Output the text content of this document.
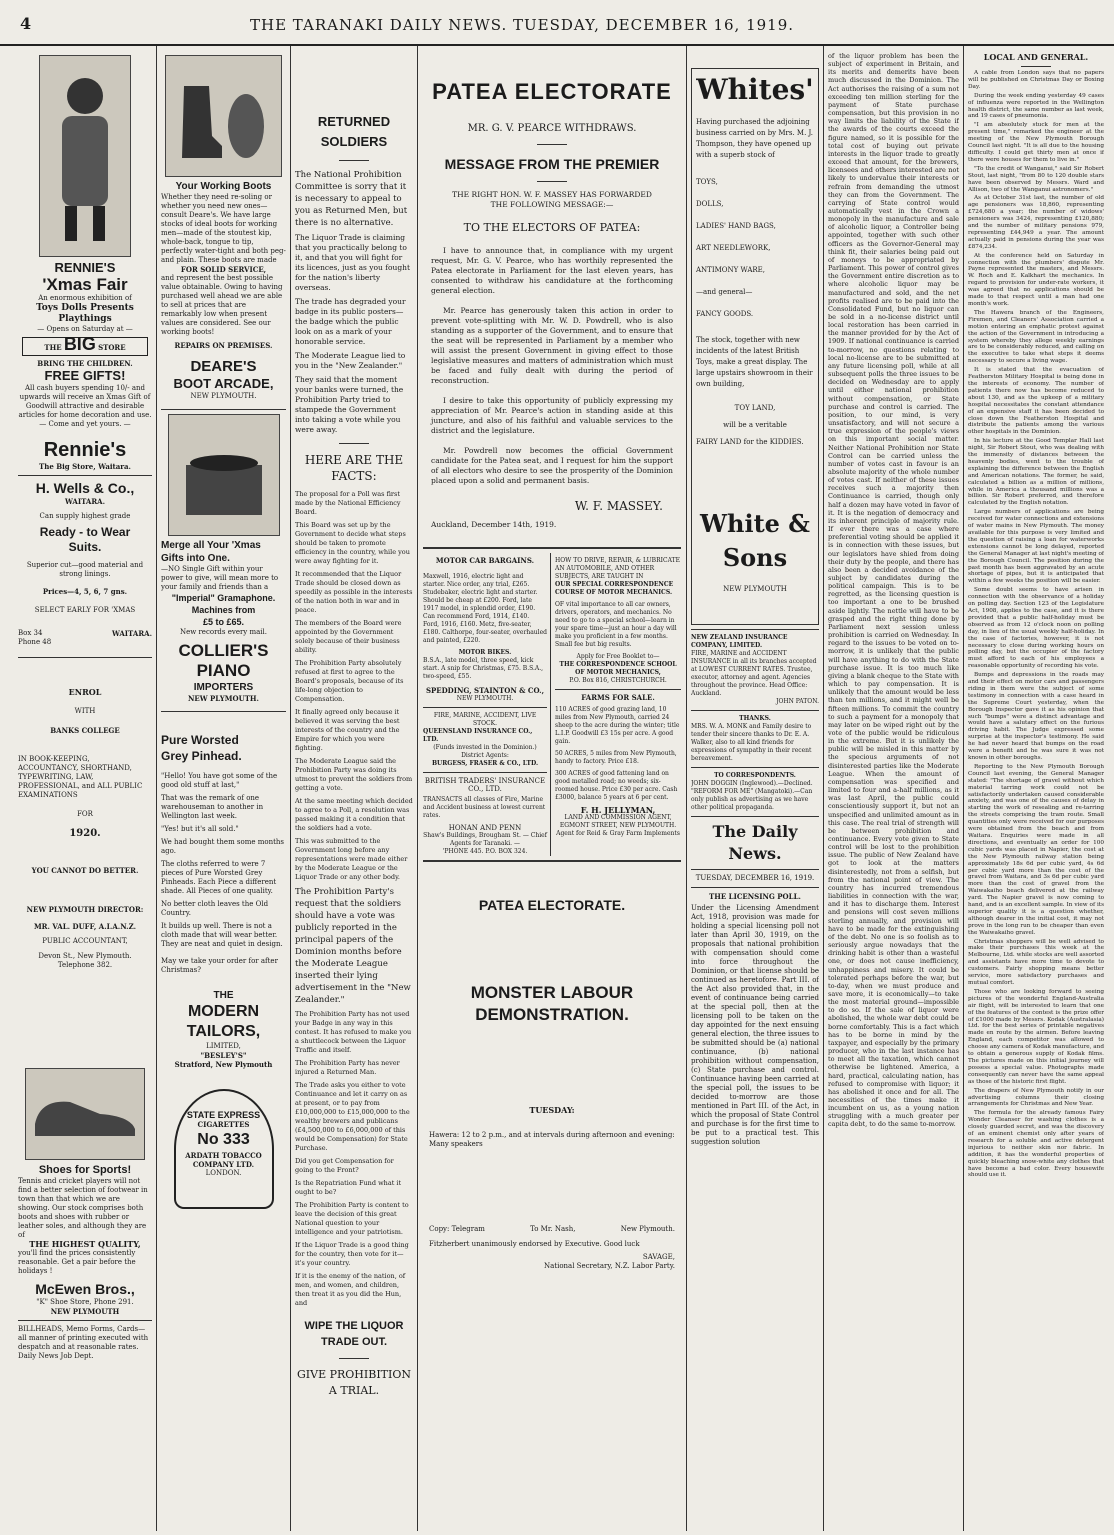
4	THE TARANAKI DAILY NEWS. TUESDAY, DECEMBER 16, 1919.
RENNIE'S
'Xmas Fair
An enormous exhibition of
Toys Dolls Presents
Playthings
— Opens on Saturday at —
THE BIG STORE
BRING THE CHILDREN.
FREE GIFTS!
All cash buyers spending 10/- and upwards will receive an Xmas Gift of Goodwill attractive and desirable articles for home decoration and use. — Come and yet yours. —
Rennie's
The Big Store, Waitara.
H. Wells & Co.,
WAITARA.
Can supply highest grade
Ready - to Wear
Suits.
Superior cut—good material and strong linings.
Prices—4, 5, 6, 7 gns.
SELECT EARLY FOR 'XMAS
Box 34
Phone 48
WAITARA.
ENROL
WITH
BANKS COLLEGE
IN BOOK-KEEPING, ACCOUNTANCY, SHORTHAND, TYPEWRITING, LAW, PROFESSIONAL, and ALL PUBLIC EXAMINATIONS
FOR
1920.
YOU CANNOT DO BETTER.
NEW PLYMOUTH DIRECTOR:
MR. VAL. DUFF, A.I.A.N.Z.
PUBLIC ACCOUNTANT,
Devon St., New Plymouth.
Telephone 382.
Shoes for Sports!
Tennis and cricket players will not find a better selection of footwear in town than that which we are showing. Our stock comprises both boots and shoes with rubber or leather soles, and although they are of
THE HIGHEST QUALITY,
you'll find the prices consistently reasonable. Get a pair before the holidays !
McEwen Bros.,
"K" Shoe Store, Phone 291.
NEW PLYMOUTH
BILLHEADS, Memo Forms, Cards—all manner of printing executed with despatch and at reasonable rates. Daily News Job Dept.
Your Working Boots
Whether they need re-soling or whether you need new ones—consult Deare's. We have large stocks of ideal boots for working men—made of the stoutest kip, whole-back, tongue to tip, perfectly water-tight and both peg- and plain. These boots are made
FOR SOLID SERVICE,
and represent the best possible value obtainable. Owing to having purchased well ahead we are able to sell at prices that are remarkably low when present values are considered. See our working boots!
REPAIRS ON PREMISES.
DEARE'S
BOOT ARCADE,
NEW PLYMOUTH.
Merge all Your 'Xmas Gifts into One.
—NO Single Gift within your power to give, will mean more to your family and friends than a
"Imperial" Gramaphone.
Machines from
£5 to £65.
New records every mail.
COLLIER'S
PIANO
IMPORTERS
NEW PLYMOUTH.
Pure Worsted
Grey Pinhead.

"Hello! You have got some of the good old stuff at last,"

That was the remark of one warehouseman to another in Wellington last week.

"Yes! but it's all sold."

We had bought them some months ago.

The cloths referred to were 7 pieces of Pure Worsted Grey Pinheads. Each Piece a different shade. All Pieces of one quality.

No better cloth leaves the Old Country.

It builds up well. There is not a cloth made that will wear better. They are neat and quiet in design.

May we take your order for after Christmas?

THE
MODERN
TAILORS,
LIMITED,
"BESLEY'S"
Stratford, New Plymouth
STATE EXPRESS
CIGARETTES
No 333
ARDATH TOBACCO
COMPANY LTD.
LONDON.
RETURNED
SOLDIERS

The National Prohibition Committee is sorry that it is necessary to appeal to you as Returned Men, but there is no alternative.

The Liquor Trade is claiming that you practically belong to it, and that you will fight for its licences, just as you fought for the nation's liberty overseas.

The trade has degraded your badge in its public posters—the badge which the public look on as a mark of your honorable service.

The Moderate League lied to you in the "New Zealander."

They said that the moment your banks were turned, the Prohibition Party tried to stampede the Government into taking a vote while you were away.

HERE ARE THE
FACTS:

The proposal for a Poll was first made by the National Efficiency Board.

This Board was set up by the Government to decide what steps should be taken to promote efficiency in the country, while you were away fighting for it.

It recommended that the Liquor Trade should be closed down as speedily as possible in the interests of the nation both in war and in peace.

The members of the Board were appointed by the Government solely because of their business ability.

The Prohibition Party absolutely refused at first to agree to the Board's proposals, because of its life-long objection to Compensation.

It finally agreed only because it believed it was serving the best interests of the country and the Empire for which you were fighting.

The Moderate League said the Prohibition Party was doing its utmost to prevent the soldiers from getting a vote.

At the same meeting which decided to agree to a Poll, a resolution was passed making it a condition that the soldiers had a vote.

This was submitted to the Government long before any representations were made either by the Moderate League or the Liquor Trade or any other body.

The Prohibition Party's request that the soldiers should have a vote was publicly reported in the principal papers of the Dominion months before the Moderate League inserted their lying advertisement in the "New Zealander."

The Prohibition Party has not used your Badge in any way in this contest. It has refused to make you a shuttlecock between the Liquor Traffic and itself.

The Prohibition Party has never injured a Returned Man.

The Trade asks you either to vote Continuance and let it carry on as at present, or to pay from £10,000,000 to £15,000,000 to the wealthy brewers and publicans (£4,500,000 to £6,000,000 of this would be Compensation) for State Purchase.

Did you get Compensation for going to the Front?

Is the Repatriation Fund what it ought to be?

The Prohibition Party is content to leave the decision of this great National question to your intelligence and your patriotism.

If the Liquor Trade is a good thing for the country, then vote for it—it's your country.

If it is the enemy of the nation, of men, and women, and children, then treat it as you did the Hun, and

WIPE THE LIQUOR
TRADE OUT.
GIVE PROHIBITION
A TRIAL.
PATEA ELECTORATE
MR. G. V. PEARCE WITHDRAWS.
MESSAGE FROM THE PREMIER
THE RIGHT HON. W. F. MASSEY HAS FORWARDED THE FOLLOWING MESSAGE:—
TO THE ELECTORS OF PATEA:

I have to announce that, in compliance with my urgent request, Mr. G. V. Pearce, who has worthily represented the Patea electorate in Parliament for the last eleven years, has consented to withdraw his candidature at the forthcoming general election.

Mr. Pearce has generously taken this action in order to prevent vote-splitting with Mr. W. D. Powdrell, who is also standing as a supporter of the Government, and to ensure that the seat will be represented in Parliament by a member who will assist the present Government in giving effect to those legislative measures and matters of administration which must be faced and fully dealt with during the period of reconstruction.

I desire to take this opportunity of publicly expressing my appreciation of Mr. Pearce's action in standing aside at this juncture, and also of his faithful and valuable services to the district and the legislature.

Mr. Powdrell now becomes the official Government candidate for the Patea seat, and I request for him the support of all electors who desire to see the prosperity of the Dominion placed upon a solid and permanent basis.

W. F. MASSEY.
Auckland, December 14th, 1919.
MOTOR CAR BARGAINS.
Maxwell, 1916, electric light and starter. Nice order, any trial, £265. Studebaker, electric light and starter. Should be cheap at £200. Ford, late 1917 model, in splendid order, £190. Can recommend Ford, 1914, £140. Ford, 1916, £160. Metz, five-seater, £180. Calthorpe, four-seater, overhauled and painted, £220.
MOTOR BIKES.
B.S.A., late model, three speed, kick start. A snip for Christmas, £75. B.S.A., two-speed, £55.
SPEDDING, STAINTON & CO.,
NEW PLYMOUTH.
FIRE, MARINE, ACCIDENT, LIVE STOCK.
QUEENSLAND INSURANCE CO., LTD.
(Funds invested in the Dominion.) District Agents:
BURGESS, FRASER & CO., LTD.
BRITISH TRADERS' INSURANCE CO., LTD.
TRANSACTS all classes of Fire, Marine and Accident business at lowest current rates.
HONAN AND PENN
Shaw's Buildings, Brougham St. — Chief Agents for Taranaki. —
'PHONE 445. P.O. BOX 324.
HOW TO DRIVE, REPAIR, & LUBRICATE AN AUTOMOBILE, AND OTHER SUBJECTS, ARE TAUGHT IN
OUR SPECIAL CORRESPONDENCE COURSE OF MOTOR MECHANICS.
OF vital importance to all car owners, drivers, operators, and mechanics. No need to go to a special school—learn in your spare time—just an hour a day will make you proficient in a few months. Small fee but big results.
Apply for Free Booklet to—
THE CORRESPONDENCE SCHOOL OF MOTOR MECHANICS,
P.O. Box 816, CHRISTCHURCH.
FARMS FOR SALE.

110 ACRES of good grazing land, 10 miles from New Plymouth, carried 24 sheep to the acre during the winter; title L.I.P. Goodwill £3 15s per acre. A good gain.

50 ACRES, 5 miles from New Plymouth, handy to factory. Price £18.

300 ACRES of good fattening land on good metalled road; no weeds; six-roomed house. Price £30 per acre. Cash £3000, balance 5 years at 6 per cent.

F. H. JELLYMAN,
LAND AND COMMISSION AGENT, EGMONT STREET, NEW PLYMOUTH.
Agent for Reid & Gray Farm Implements
PATEA ELECTORATE.
MONSTER LABOUR DEMONSTRATION.
TUESDAY:
Hawera: 12 to 2 p.m., and at intervals during afternoon and evening: Many speakers
Copy: Telegram	To Mr. Nash,	New Plymouth.
Fitzherbert unanimously endorsed by Executive. Good luck
SAVAGE,
National Secretary, N.Z. Labor Party.
Whites'
Having purchased the adjoining business carried on by Mrs. M. J. Thompson, they have opened up with a superb stock of
TOYS,
DOLLS,
LADIES' HAND BAGS,
ART NEEDLEWORK,
ANTIMONY WARE,
—and general—
FANCY GOODS.
The stock, together with new incidents of the latest British Toys, make a great display. The large upstairs showroom in their own building,
TOY LAND,
will be a veritable
FAIRY LAND for the KIDDIES.
White & Sons
NEW PLYMOUTH
NEW ZEALAND INSURANCE COMPANY, LIMITED.
FIRE, MARINE and ACCIDENT INSURANCE in all its branches accepted at LOWEST CURRENT RATES. Trustee, executor, attorney and agent. Agencies throughout the province. Head Office: Auckland.
JOHN PATON.
THANKS.
MRS. W. A. MONK and Family desire to tender their sincere thanks to Dr. E. A. Walker, also to all kind friends for expressions of sympathy in their recent bereavement.
TO CORRESPONDENTS.
JOHN DOGGIN (Inglewood).—Declined.
"REFORM FOR ME" (Mangatoki).—Can only publish as advertising as we have other political propaganda.
The Daily News.
TUESDAY, DECEMBER 16, 1919.
THE LICENSING POLL.
Under the Licensing Amendment Act, 1918, provision was made for holding a special licensing poll not later than April 30, 1919, on the proposals that national prohibition with compensation should come into force throughout the Dominion, or that license should be continued as heretofore. Part III. of the Act also provided that, in the event of continuance being carried at the special poll, then at the licensing poll to be taken on the day appointed for the next ensuing general election, the three issues to be submitted should be (a) national continuance, (b) national prohibition without compensation, (c) State purchase and control. Continuance having been carried at the special poll, the issues to be decided to-morrow are those mentioned in Part III. of the Act, in which the proposal of State Control and purchase is for the first time to be put to a practical test. This suggestion solution
of the liquor problem has been the subject of experiment in Britain, and its merits and demerits have been much discussed in the Dominion. The Act authorises the raising of a sum not exceeding ten million sterling for the payment of State purchase compensation, but this provision in no way limits the liability of the State if the awards of the courts exceed the figure named, so it is possible for the total cost of buying out private interests in the liquor trade to greatly exceed that amount, for the brewers, licensees and others interested are not likely to undervalue their interests or refrain from demanding the utmost they can from the Government. The carrying of State control would automatically vest in the Crown a monopoly in the manufacture and sale of alcoholic liquor, a Controller being appointed, together with such other officers as the Governor-General may think fit, their salaries being paid out of moneys to be appropriated by Parliament. This power of control gives the Government entire discretion as to where alcoholic liquor may be manufactured and sold, and the net profits realised are to be paid into the Consolidated Fund, but no liquor can be sold in a no-license district until local restoration has been carried in the manner provided for by the Act of 1909. If national continuance is carried to-morrow, no questions relating to local no-license are to be submitted at any future licensing poll, while at all subsequent polls the three issues to be decided on Wednesday are to apply until either national prohibition without compensation, or State purchase and control is carried. The position, to our mind, is very unsatisfactory, and will not secure a true expression of the people's views on this important social matter. Neither National Prohibition nor State Control can be carried unless the number of votes cast in favour is an absolute majority of the whole number of votes cast. If neither of these issues receives such a majority then Continuance is carried, though only half a dozen may have voted in favor of it. It is the negation of democracy and its inherent principle of majority rule. If ever there was a case where preferential voting should be applied it is in connection with these issues, but our legislators have shied from doing their duty by the people, and there has also been a decided avoidance of the subject by candidates during the political campaign. This is to be regretted, as the licensing question is too important a one to be brushed aside lightly. The nettle will have to be grasped and the right thing done by Parliament next session unless prohibition is carried on Wednesday. In regard to the issues to be voted on to-morrow, it is unlikely that the public will have anything to do with the State purchase issue. It is too much like giving a blank cheque to the State with which to pay compensation. It is unlikely that the amount would be less than ten millions, and it might well be fifteen millions. To commit the country to such a payment for a monopoly that may later on be wiped right out by the vote of the public would be ridiculous in the extreme. But it is unlikely the public will be misled in this matter by the specious arguments of not disinterested parties like the Moderate League. When the amount of compensation was specified and limited to four and a-half millions, as it was last April, the public could conscientiously support it, but not an unspecified and unlimited amount as in this case. The real trial of strength will be between prohibition and continuance. Every vote given to State control will be lost to the prohibition issue. The public of New Zealand have got to look at the matters disinterestedly, not from a selfish, but from the national point of view. The country has incurred tremendous liabilities in connection with the war, and it has to discharge them. Interest and pensions will cost seven millions sterling annually, and provision will have to be made for the extinguishing of the debt. No one is so foolish as to seriously argue nowadays that the drinking habit is other than a wasteful one, or does not cause inefficiency, unhappiness and misery. It could be tolerated perhaps before the war, but to-day, when we must produce and save more, it is economically—to take the most material ground—impossible to do so. If the sale of liquor were abolished, the whole war debt could be borne comfortably. This is a fact which has to be borne in mind by the taxpayer, and especially by the primary producer, who in the last instance has to meet all the taxation, which cannot otherwise be lightened. America, a hard, practical, calculating nation, has refused to compromise with liquor; it has abolished it once and for all. The necessities of the times make it incumbent on us, as a young nation struggling with a much greater per capita debt, to do the same to-morrow.
LOCAL AND GENERAL.

A cable from London says that no papers will be published on Christmas Day or Boxing Day.

During the week ending yesterday 49 cases of influenza were reported in the Wellington health district, the same number as last week, and 19 cases of pneumonia.

"I am absolutely stuck for men at the present time," remarked the engineer at the meeting of the New Plymouth Borough Council last night. "It is all due to the housing difficulty. I could get thirty men at once if there were houses for them to live in."

"To the credit of Wanganui," said Sir Robert Stout, last night, "from 80 to 120 double stars have been observed by Messrs. Ward and Allison, two of the Wanganui astronomers."

As at October 31st last, the number of old age pensioners was 18,860, representing £724,680 a year; the number of widows' pensioners was 3424, representing £120,880; and the number of military pensions 979, representing £44,949 a year. The amount actually paid in pensions during the year was £874,234.

At the conference held on Saturday in connection with the plumbers' dispute Mr. Payne represented the masters, and Messrs. W. Roch and E. Kalkhart the mechanics. In regard to provision for under-rate workers, it was agreed that no applications should be made to that respect until a man had one month's work.

The Hawera branch of the Engineers, Firemen, and Cleaners' Association carried a motion entering an emphatic protest against the action of the Government in introducing a system whereby they allege weekly earnings are to be considerably reduced, and calling on the executive to take what steps it deems necessary to secure a living wage.

It is stated that the evacuation of Featherston Military Hospital is being done in the interests of economy. The number of patients there now has become reduced to about 130, and as the upkeep of a military hospital necessitates the constant attendance of an expensive staff it has been decided to close down the Featherston Hospital and distribute the patients among the various other hospitals in the Dominion.

In his lecture at the Good Templar Hall last night, Sir Robert Stout, who was dealing with the immensity of distances between the heavenly bodies, went to the trouble of explaining the difference between the English and American notations. The former, he said, calculated a billion as a million of millions, while in America a thousand millions was a billion. Sir Robert preferred, and therefore calculated by the English notation.

Large numbers of applications are being received for water connections and extensions of water mains in New Plymouth. The money available for this purpose is very limited and the question of raising a loan for waterworks extensions cannot be long delayed, reported the General Manager at last night's meeting of the Borough Council. The position during the past month has been aggravated by an acute shortage of pipes, but it is anticipated that within a few weeks the position will be easier.

Some doubt seems to have arisen in connection with the observance of a holiday on polling day. Section 123 of the Legislature Act, 1908, applies to the case, and it is there provided that a public half-holiday must be observed as from 12 o'clock noon on polling day, in lieu of the usual weekly half-holiday. In the case of factories, however, it is not necessary to close during working hours on polling day, but the occupier of the factory must afford to each of his employees a reasonable opportunity of recording his vote.

Bumps and depressions in the roads may and their effect on motor cars and passengers riding in them were the subject of some testimony in connection with a case heard in the Supreme Court yesterday, when the Borough Inspector gave it as his opinion that such "bumps" were a distinct advantage and would have a salutary effect on the furious driving habit. The Judge expressed some surprise at the inspector's testimony. He said he had never heard that bumps on the road were a benefit and he was sure it was not known in other boroughs.

Reporting to the New Plymouth Borough Council last evening, the General Manager stated: "The shortage of gravel without which material tarring work could not be satisfactorily undertaken caused considerable anxiety, and was one of the causes of delay in starting the work of resealing and re-tarring the streets comprising the tram route. Small quantities only were received for our purposes were obtained from the beach and from Waitara. Enquiries were made in all directions, and eventually an order for 100 cubic yards was placed in Napier, the cost at the New Plymouth railway station being approximately 18s 6d per cubic yard, 4s 6d per cubic yard more than the cost of the gravel from Waitara, and 3s 6d per cubic yard more than the cost of gravel from the Waiwakaiho beach delivered at the railway yard. The Napier gravel is now coming to hand, and is an excellent sample. In view of its superior quality it is a question whether, although dearer in the initial cost, it may not prove in the long run to be cheaper than even the Waiwakaiho gravel.

Christmas shoppers will be well advised to make their purchases this week at the Melbourne, Ltd. while stocks are well assorted and assistants have more time to devote to customers. Fairly shopping means better service, more satisfactory purchases and mutual comfort.

Those who are looking forward to seeing pictures of the wonderful England-Australia air flight, will be interested to learn that one of the features of the contest is the prize offer of £1000 made by Messrs. Kodak (Australasia) Ltd. for the best series of printable negatives made en route by the airmen. Before leaving England, each competitor was allowed to choose any camera of Kodak manufacture, and to obtain a generous supply of Kodak films. The pictures made on this initial journey will possess a special value. Photographs made consequently can never have the same appeal as those of the historic first flight.

The drapers of New Plymouth notify in our advertising columns their closing arrangements for Christmas and New Year.

The formula for the already famous Fairy Wonder Cleanser for washing clothes is a closely guarded secret, and was the discovery of an eminent chemist only after years of research for a soluble and active detergent injurious to neither skin nor fabric. In addition, it has the wonderful properties of quickly bleaching snow-white any clothes that have become a bad color. Every housewife should use it.
